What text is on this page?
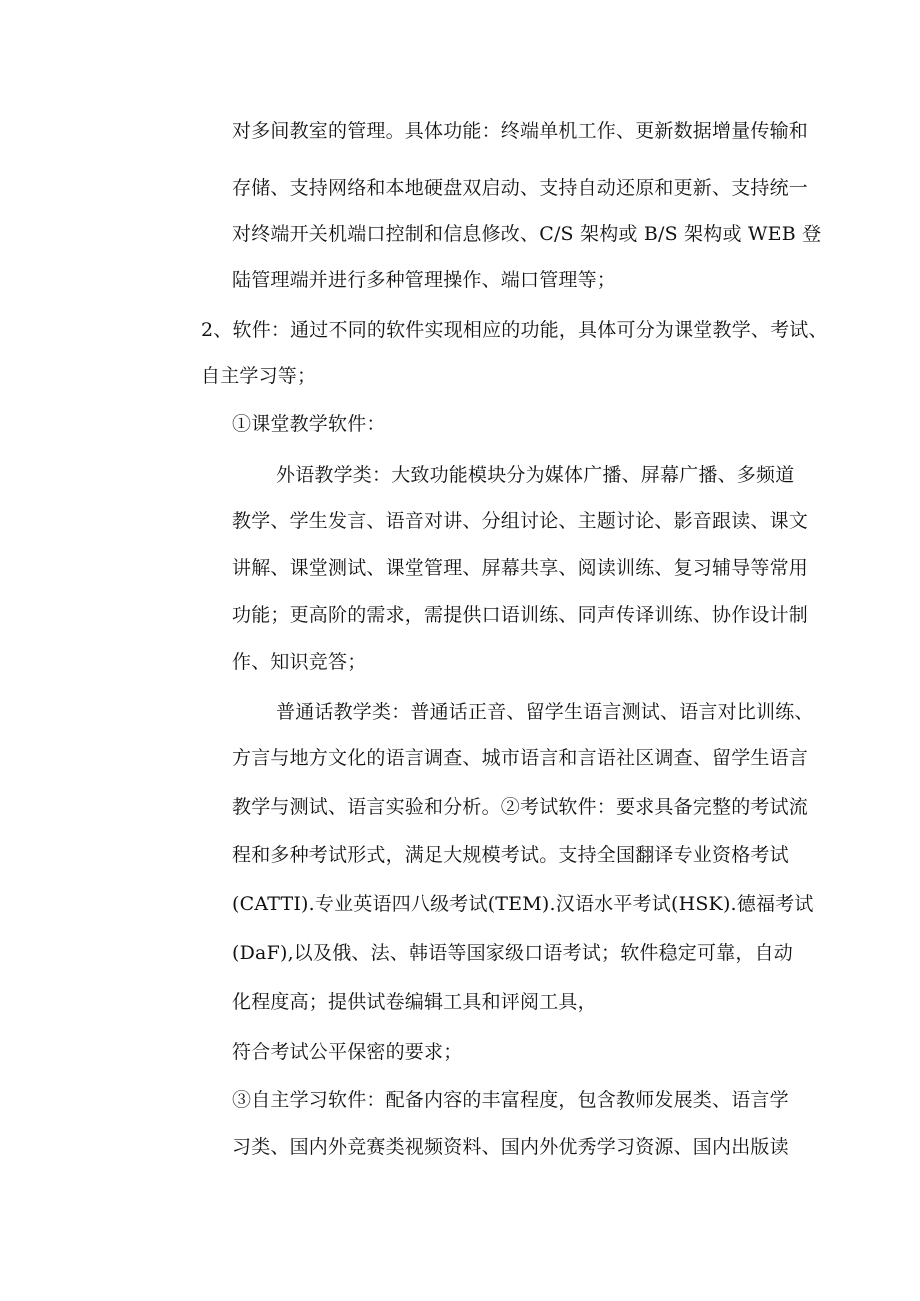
对多间教室的管理。具体功能：终端单机工作、更新数据增量传输和
存储、支持网络和本地硬盘双启动、支持自动还原和更新、支持统一
对终端开关机端口控制和信息修改、C/S 架构或 B/S 架构或 WEB 登
陆管理端并进行多种管理操作、端口管理等；
2、软件：通过不同的软件实现相应的功能，具体可分为课堂教学、考试、
自主学习等；
①课堂教学软件：
外语教学类：大致功能模块分为媒体广播、屏幕广播、多频道
教学、学生发言、语音对讲、分组讨论、主题讨论、影音跟读、课文
讲解、课堂测试、课堂管理、屏幕共享、阅读训练、复习辅导等常用
功能；更高阶的需求，需提供口语训练、同声传译训练、协作设计制
作、知识竞答；
普通话教学类：普通话正音、留学生语言测试、语言对比训练、
方言与地方文化的语言调查、城市语言和言语社区调查、留学生语言
教学与测试、语言实验和分析。②考试软件：要求具备完整的考试流
程和多种考试形式，满足大规模考试。支持全国翻译专业资格考试
(CATTI).专业英语四八级考试(TEM).汉语水平考试(HSK).德福考试
(DaF),以及俄、法、韩语等国家级口语考试；软件稳定可靠，自动
化程度高；提供试卷编辑工具和评阅工具，
符合考试公平保密的要求；
③自主学习软件：配备内容的丰富程度，包含教师发展类、语言学
习类、国内外竞赛类视频资料、国内外优秀学习资源、国内出版读
